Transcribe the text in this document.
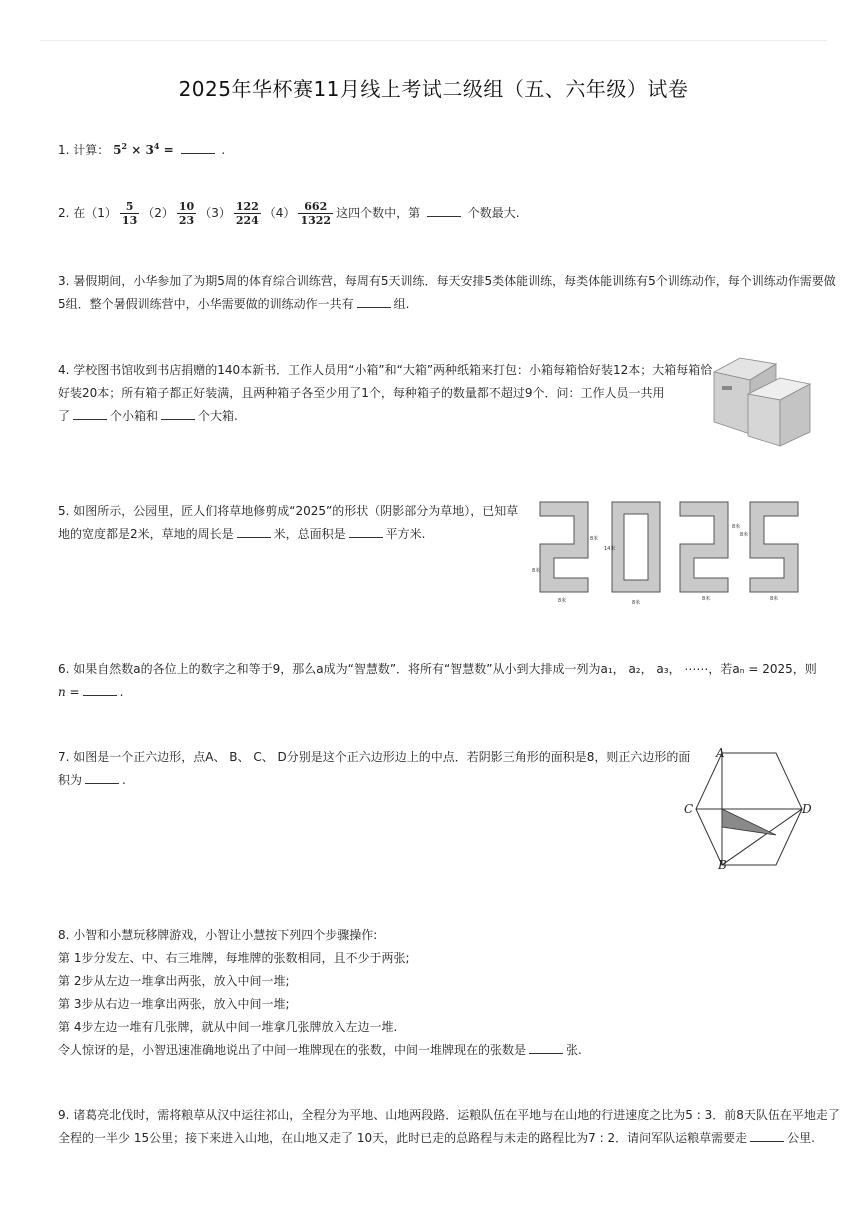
2025年华杯赛11月线上考试二级组（五、六年级）试卷
1. 计算： $5^2 \times 3^4$ =	.
2. 在$(1) \frac{5}{13} (2) \frac{10}{23} (3) \frac{122}{224} (4) \frac{662}{1322}$ 这四个数中，第	个数最大.
3. 暑假期间，小华参加了为期5周的体育综合训练营，每周有5天训练．每天安排5类体能训练，每类体能训练有5个训练动作，每个训练动作需要做
5组．整个暑假训练营中，小华需要做的训练动作一共有	组.
4. 学校图书馆收到书店捐赠的140本新书．工作人员用“小箱”和“大箱”两种纸箱来打包：小箱每箱恰好装12本；大箱每箱恰
好装20本；所有箱子都正好装满，且两种箱子各至少用了1个，每种箱子的数量都不超过9个．问：工作人员一共用
了	个小箱和	个大箱.
5. 如图所示，公园里，匠人们将草地修剪成“2025”的形状（阴影部分为草地），已知草
地的宽度都是2米，草地的周长是	米，总面积是	平方米.
8米
8米
14米
8米
8米
8米
8米
8米
8米
6. 如果自然数a的各位上的数字之和等于9，那么a成为“智慧数”．将所有“智慧数”从小到大排成一列为a₁， a₂， a₃， ⋯⋯，若aₙ = 2025，则
n =	.
7. 如图是一个正六边形，点A、 B、 C、 D分别是这个正六边形边上的中点．若阴影三角形的面积是8，则正六边形的面
积为	.
A
B
C	D
8. 小智和小慧玩移牌游戏，小智让小慧按下列四个步骤操作:
第 1步分发左、中、右三堆牌，每堆牌的张数相同，且不少于两张;
第 2步从左边一堆拿出两张，放入中间一堆;
第 3步从右边一堆拿出两张，放入中间一堆;
第 4步左边一堆有几张牌，就从中间一堆拿几张牌放入左边一堆.
令人惊讶的是，小智迅速准确地说出了中间一堆牌现在的张数，中间一堆牌现在的张数是	张.
9. 诸葛亮北伐时，需将粮草从汉中运往祁山，全程分为平地、山地两段路．运粮队伍在平地与在山地的行进速度之比为5 : 3．前8天队伍在平地走了
全程的一半少 15公里；接下来进入山地，在山地又走了 10天，此时已走的总路程与未走的路程比为7 : 2．请问军队运粮草需要走	公里.
